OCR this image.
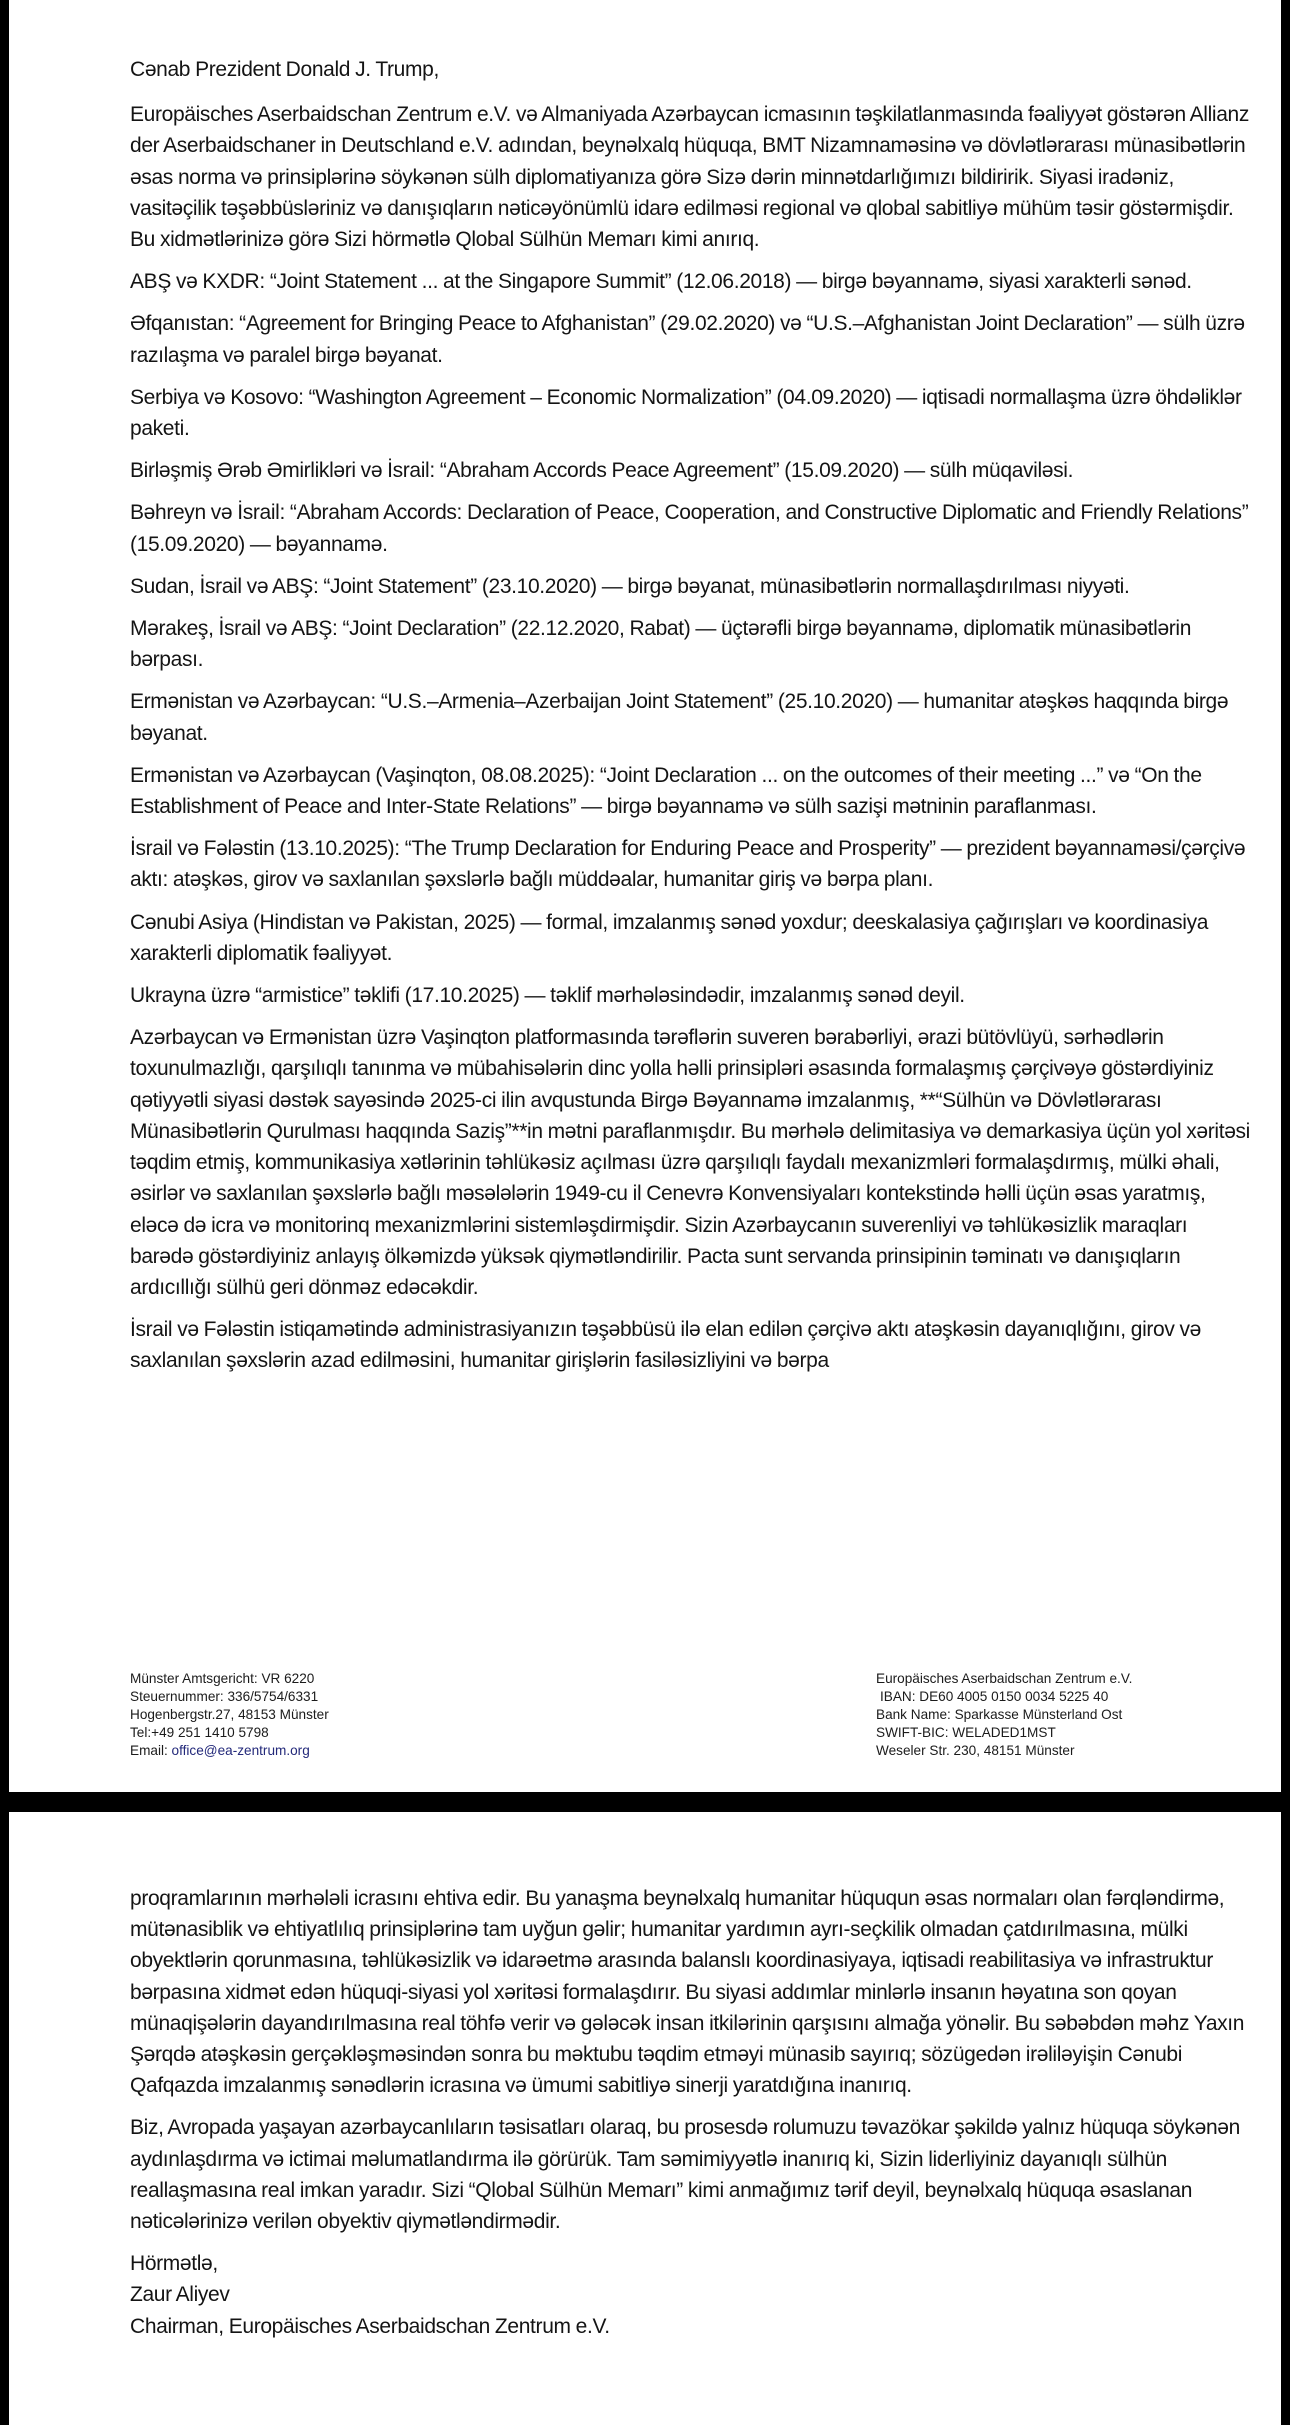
Cənab Prezident Donald J. Trump,

Europäisches Aserbaidschan Zentrum e.V. və Almaniyada Azərbaycan icmasının təşkilatlanmasında fəaliyyət göstərən Allianz der Aserbaidschaner in Deutschland e.V. adından, beynəlxalq hüquqa, BMT Nizamnaməsinə və dövlətlərarası münasibətlərin əsas norma və prinsiplərinə söykənən sülh diplomatiyanıza görə Sizə dərin minnətdarlığımızı bildiririk. Siyasi iradəniz, vasitəçilik təşəbbüsləriniz və danışıqların nəticəyönümlü idarə edilməsi regional və qlobal sabitliyə mühüm təsir göstərmişdir. Bu xidmətlərinizə görə Sizi hörmətlə Qlobal Sülhün Memarı kimi anırıq.

ABŞ və KXDR: “Joint Statement ... at the Singapore Summit” (12.06.2018) — birgə bəyannamə, siyasi xarakterli sənəd.

Əfqanıstan: “Agreement for Bringing Peace to Afghanistan” (29.02.2020) və “U.S.–Afghanistan Joint Declaration” — sülh üzrə razılaşma və paralel birgə bəyanat.

Serbiya və Kosovo: “Washington Agreement – Economic Normalization” (04.09.2020) — iqtisadi normallaşma üzrə öhdəliklər paketi.

Birləşmiş Ərəb Əmirlikləri və İsrail: “Abraham Accords Peace Agreement” (15.09.2020) — sülh müqaviləsi.

Bəhreyn və İsrail: “Abraham Accords: Declaration of Peace, Cooperation, and Constructive Diplomatic and Friendly Relations” (15.09.2020) — bəyannamə.

Sudan, İsrail və ABŞ: “Joint Statement” (23.10.2020) — birgə bəyanat, münasibətlərin normallaşdırılması niyyəti.

Mərakeş, İsrail və ABŞ: “Joint Declaration” (22.12.2020, Rabat) — üçtərəfli birgə bəyannamə, diplomatik münasibətlərin bərpası.

Ermənistan və Azərbaycan: “U.S.–Armenia–Azerbaijan Joint Statement” (25.10.2020) — humanitar atəşkəs haqqında birgə bəyanat.

Ermənistan və Azərbaycan (Vaşinqton, 08.08.2025): “Joint Declaration ... on the outcomes of their meeting ...” və “On the Establishment of Peace and Inter-State Relations” — birgə bəyannamə və sülh sazişi mətninin paraflanması.

İsrail və Fələstin (13.10.2025): “The Trump Declaration for Enduring Peace and Prosperity” — prezident bəyannaməsi/çərçivə aktı: atəşkəs, girov və saxlanılan şəxslərlə bağlı müddəalar, humanitar giriş və bərpa planı.

Cənubi Asiya (Hindistan və Pakistan, 2025) — formal, imzalanmış sənəd yoxdur; deeskalasiya çağırışları və koordinasiya xarakterli diplomatik fəaliyyət.

Ukrayna üzrə “armistice” təklifi (17.10.2025) — təklif mərhələsindədir, imzalanmış sənəd deyil.

Azərbaycan və Ermənistan üzrə Vaşinqton platformasında tərəflərin suveren bərabərliyi, ərazi bütövlüyü, sərhədlərin toxunulmazlığı, qarşılıqlı tanınma və mübahisələrin dinc yolla həlli prinsipləri əsasında formalaşmış çərçivəyə göstərdiyiniz qətiyyətli siyasi dəstək sayəsində 2025-ci ilin avqustunda Birgə Bəyannamə imzalanmış, **“Sülhün və Dövlətlərarası Münasibətlərin Qurulması haqqında Saziş”**in mətni paraflanmışdır. Bu mərhələ delimitasiya və demarkasiya üçün yol xəritəsi təqdim etmiş, kommunikasiya xətlərinin təhlükəsiz açılması üzrə qarşılıqlı faydalı mexanizmləri formalaşdırmış, mülki əhali, əsirlər və saxlanılan şəxslərlə bağlı məsələlərin 1949-cu il Cenevrə Konvensiyaları kontekstində həlli üçün əsas yaratmış, eləcə də icra və monitorinq mexanizmlərini sistemləşdirmişdir. Sizin Azərbaycanın suverenliyi və təhlükəsizlik maraqları barədə göstərdiyiniz anlayış ölkəmizdə yüksək qiymətləndirilir. Pacta sunt servanda prinsipinin təminatı və danışıqların ardıcıllığı sülhü geri dönməz edəcəkdir.

İsrail və Fələstin istiqamətində administrasiyanızın təşəbbüsü ilə elan edilən çərçivə aktı atəşkəsin dayanıqlığını, girov və saxlanılan şəxslərin azad edilməsini, humanitar girişlərin fasiləsizliyini və bərpa

Münster Amtsgericht: VR 6220
Steuernummer: 336/5754/6331
Hogenbergstr.27, 48153 Münster
Tel:+49 251 1410 5798
Email: office@ea-zentrum.org
Europäisches Aserbaidschan Zentrum e.V.
IBAN: DE60 4005 0150 0034 5225 40
Bank Name: Sparkasse Münsterland Ost
SWIFT-BIC: WELADED1MST
Weseler Str. 230, 48151 Münster

proqramlarının mərhələli icrasını ehtiva edir. Bu yanaşma beynəlxalq humanitar hüququn əsas normaları olan fərqləndirmə, mütənasiblik və ehtiyatlılıq prinsiplərinə tam uyğun gəlir; humanitar yardımın ayrı-seçkilik olmadan çatdırılmasına, mülki obyektlərin qorunmasına, təhlükəsizlik və idarəetmə arasında balanslı koordinasiyaya, iqtisadi reabilitasiya və infrastruktur bərpasına xidmət edən hüquqi-siyasi yol xəritəsi formalaşdırır. Bu siyasi addımlar minlərlə insanın həyatına son qoyan münaqişələrin dayandırılmasına real töhfə verir və gələcək insan itkilərinin qarşısını almağa yönəlir. Bu səbəbdən məhz Yaxın Şərqdə atəşkəsin gerçəkləşməsindən sonra bu məktubu təqdim etməyi münasib sayırıq; sözügedən irəliləyişin Cənubi Qafqazda imzalanmış sənədlərin icrasına və ümumi sabitliyə sinerji yaratdığına inanırıq.

Biz, Avropada yaşayan azərbaycanlıların təsisatları olaraq, bu prosesdə rolumuzu təvazökar şəkildə yalnız hüquqa söykənən aydınlaşdırma və ictimai məlumatlandırma ilə görürük. Tam səmimiyyətlə inanırıq ki, Sizin liderliyiniz dayanıqlı sülhün reallaşmasına real imkan yaradır. Sizi “Qlobal Sülhün Memarı” kimi anmağımız tərif deyil, beynəlxalq hüquqa əsaslanan nəticələrinizə verilən obyektiv qiymətləndirmədir.

Hörmətlə,

Zaur Aliyev

Chairman, Europäisches Aserbaidschan Zentrum e.V.
